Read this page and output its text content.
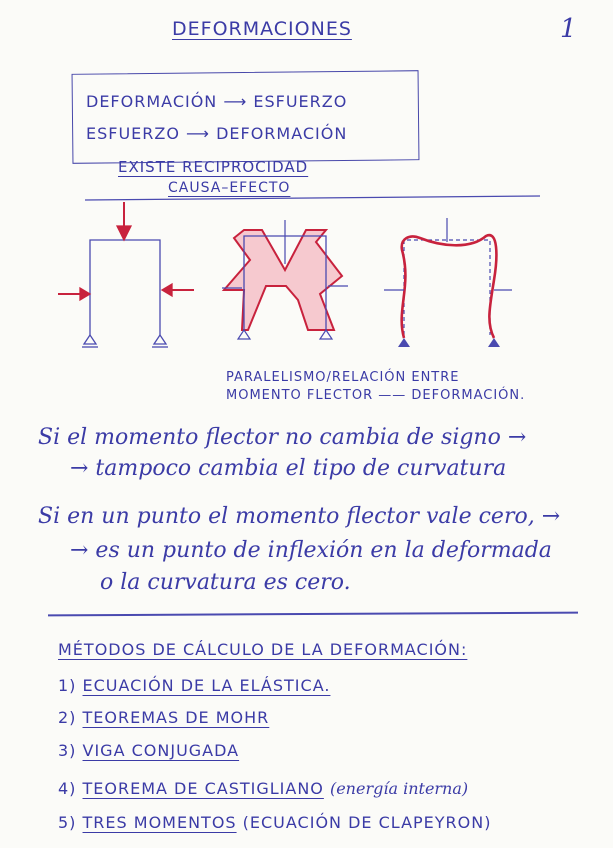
DEFORMACIONES	1
DEFORMACIÓN ⟶ ESFUERZO
ESFUERZO ⟶ DEFORMACIÓN
EXISTE RECIPROCIDAD
CAUSA–EFECTO
PARALELISMO/RELACIÓN ENTRE
MOMENTO FLECTOR —— DEFORMACIÓN.
Si el momento flector no cambia de signo →
→ tampoco cambia el tipo de curvatura
Si en un punto el momento flector vale cero, →
→ es un punto de inflexión en la deformada
o la curvatura es cero.
MÉTODOS DE CÁLCULO DE LA DEFORMACIÓN:
1) ECUACIÓN DE LA ELÁSTICA.
2) TEOREMAS DE MOHR
3) VIGA CONJUGADA
4) TEOREMA DE CASTIGLIANO (energía interna)
5) TRES MOMENTOS (ECUACIÓN DE CLAPEYRON)
